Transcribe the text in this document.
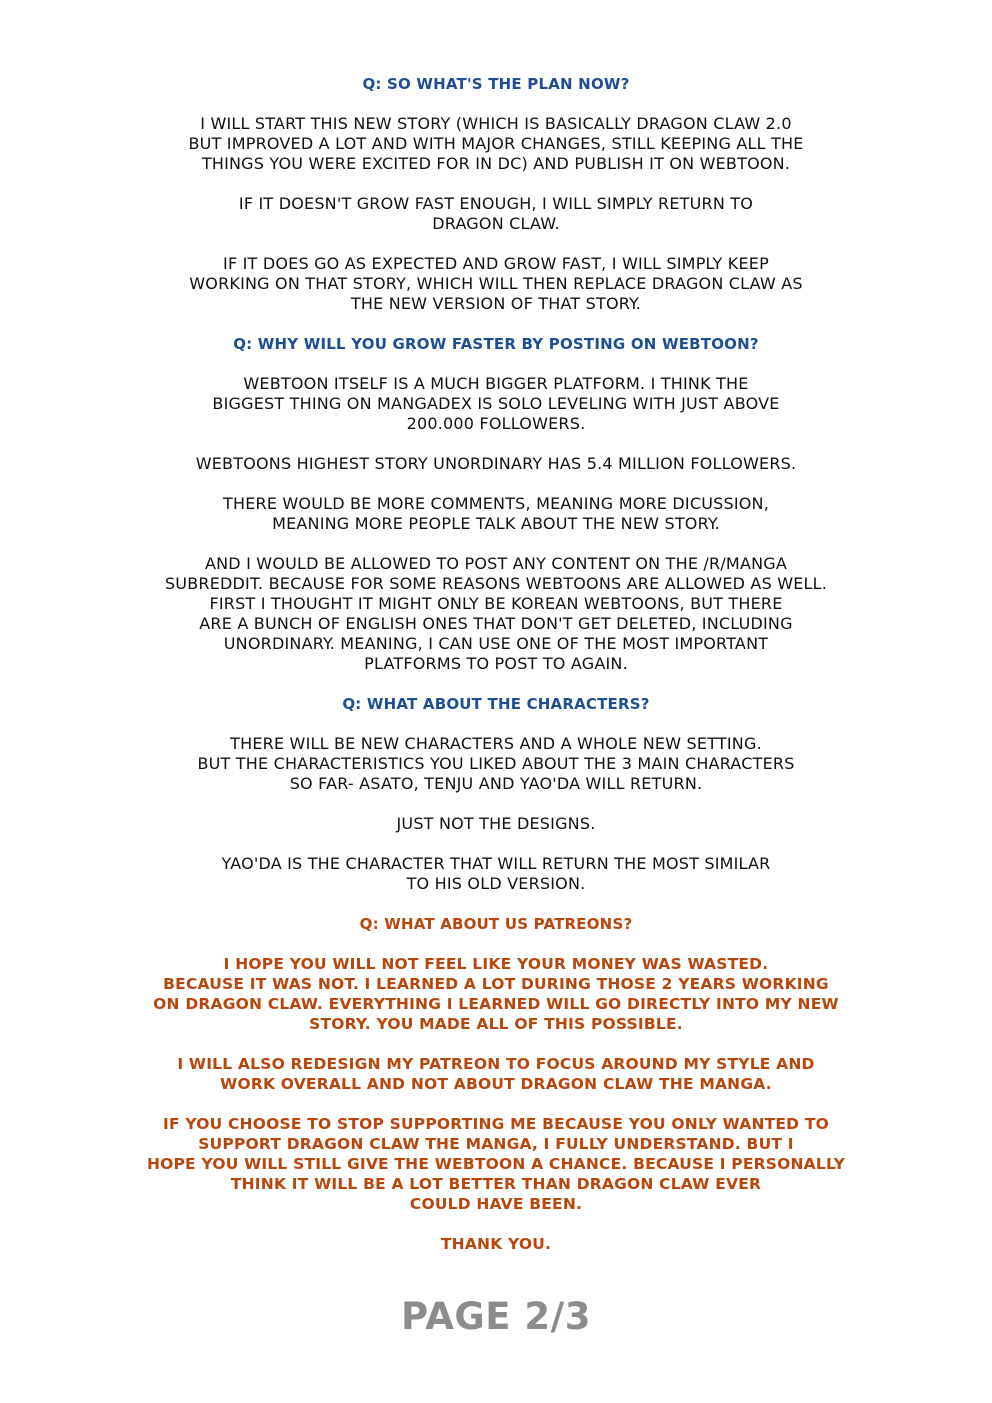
Q: SO WHAT'S THE PLAN NOW?
I WILL START THIS NEW STORY (WHICH IS BASICALLY DRAGON CLAW 2.0
BUT IMPROVED A LOT AND WITH MAJOR CHANGES, STILL KEEPING ALL THE
THINGS YOU WERE EXCITED FOR IN DC) AND PUBLISH IT ON WEBTOON.
IF IT DOESN'T GROW FAST ENOUGH, I WILL SIMPLY RETURN TO
DRAGON CLAW.
IF IT DOES GO AS EXPECTED AND GROW FAST, I WILL SIMPLY KEEP
WORKING ON THAT STORY, WHICH WILL THEN REPLACE DRAGON CLAW AS
THE NEW VERSION OF THAT STORY.
Q: WHY WILL YOU GROW FASTER BY POSTING ON WEBTOON?
WEBTOON ITSELF IS A MUCH BIGGER PLATFORM. I THINK THE
BIGGEST THING ON MANGADEX IS SOLO LEVELING WITH JUST ABOVE
200.000 FOLLOWERS.
WEBTOONS HIGHEST STORY UNORDINARY HAS 5.4 MILLION FOLLOWERS.
THERE WOULD BE MORE COMMENTS, MEANING MORE DICUSSION,
MEANING MORE PEOPLE TALK ABOUT THE NEW STORY.
AND I WOULD BE ALLOWED TO POST ANY CONTENT ON THE /R/MANGA
SUBREDDIT. BECAUSE FOR SOME REASONS WEBTOONS ARE ALLOWED AS WELL.
FIRST I THOUGHT IT MIGHT ONLY BE KOREAN WEBTOONS, BUT THERE
ARE A BUNCH OF ENGLISH ONES THAT DON'T GET DELETED, INCLUDING
UNORDINARY. MEANING, I CAN USE ONE OF THE MOST IMPORTANT
PLATFORMS TO POST TO AGAIN.
Q: WHAT ABOUT THE CHARACTERS?
THERE WILL BE NEW CHARACTERS AND A WHOLE NEW SETTING.
BUT THE CHARACTERISTICS YOU LIKED ABOUT THE 3 MAIN CHARACTERS
SO FAR- ASATO, TENJU AND YAO'DA WILL RETURN.
JUST NOT THE DESIGNS.
YAO'DA IS THE CHARACTER THAT WILL RETURN THE MOST SIMILAR
TO HIS OLD VERSION.
Q: WHAT ABOUT US PATREONS?
I HOPE YOU WILL NOT FEEL LIKE YOUR MONEY WAS WASTED.
BECAUSE IT WAS NOT. I LEARNED A LOT DURING THOSE 2 YEARS WORKING
ON DRAGON CLAW. EVERYTHING I LEARNED WILL GO DIRECTLY INTO MY NEW
STORY. YOU MADE ALL OF THIS POSSIBLE.
I WILL ALSO REDESIGN MY PATREON TO FOCUS AROUND MY STYLE AND
WORK OVERALL AND NOT ABOUT DRAGON CLAW THE MANGA.
IF YOU CHOOSE TO STOP SUPPORTING ME BECAUSE YOU ONLY WANTED TO
SUPPORT DRAGON CLAW THE MANGA, I FULLY UNDERSTAND. BUT I
HOPE YOU WILL STILL GIVE THE WEBTOON A CHANCE. BECAUSE I PERSONALLY
THINK IT WILL BE A LOT BETTER THAN DRAGON CLAW EVER
COULD HAVE BEEN.
THANK YOU.
PAGE 2/3
